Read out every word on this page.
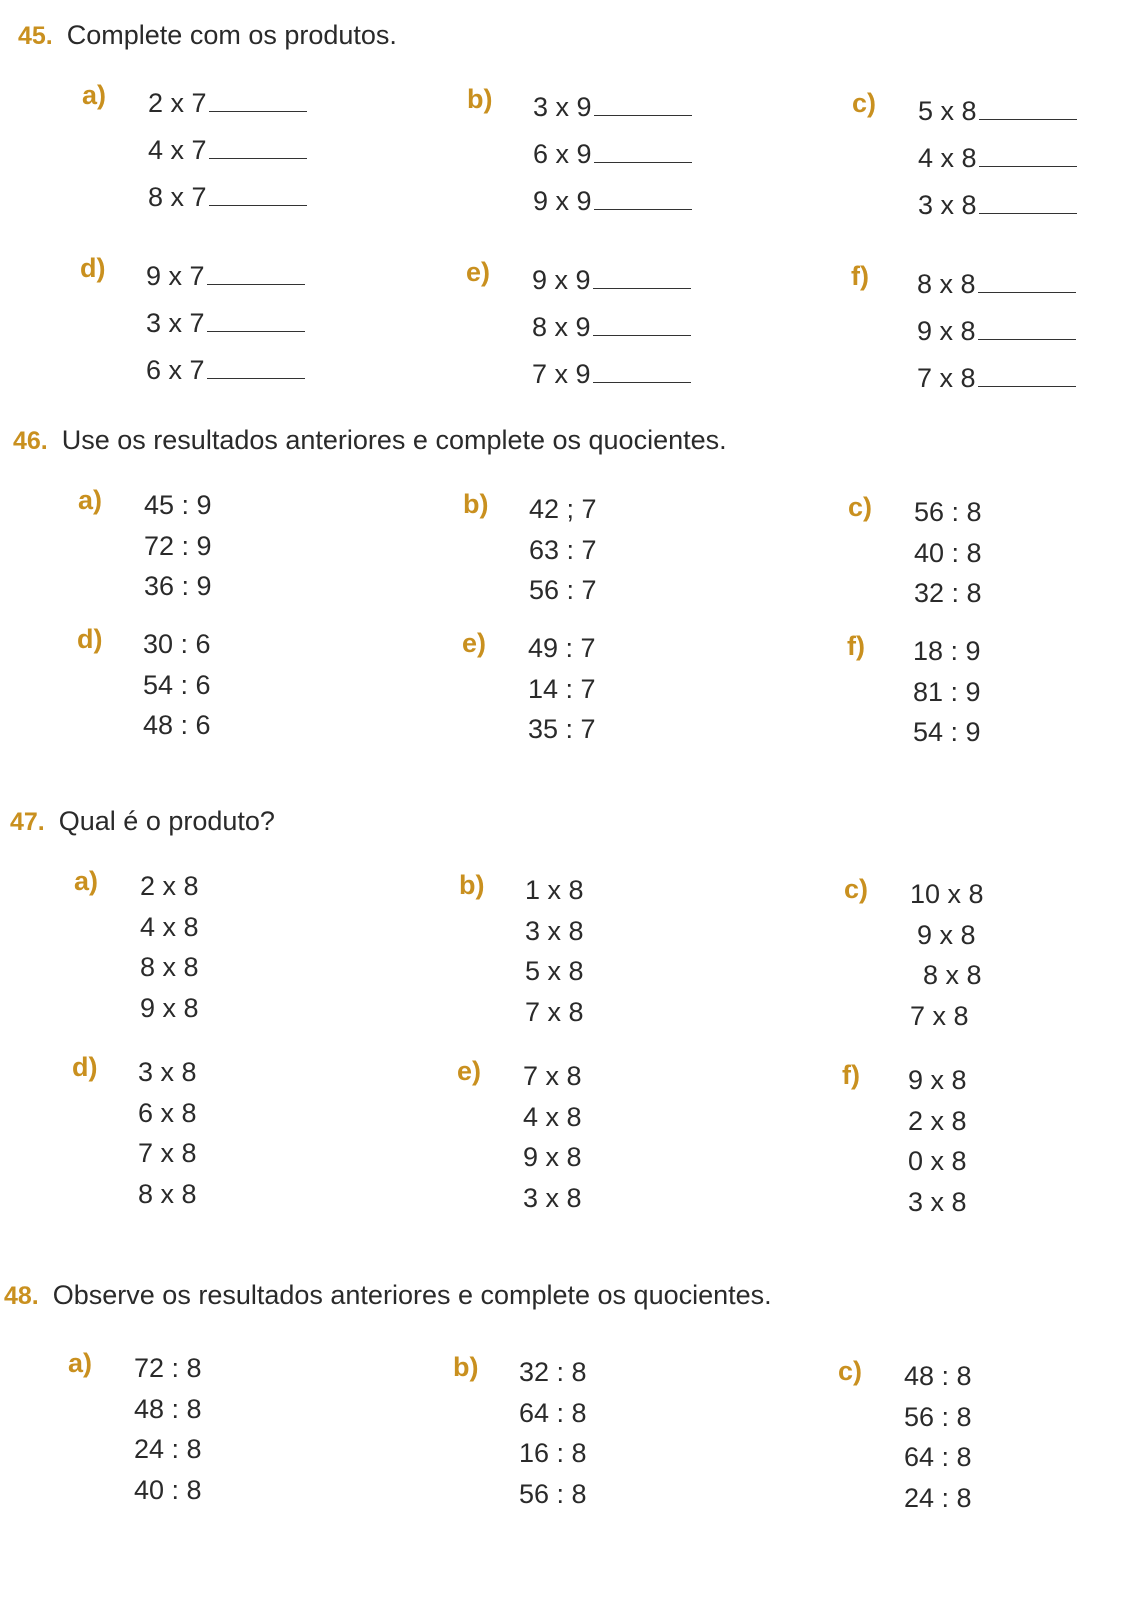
45. Complete com os produtos.
a) 2 x 7
4 x 7
8 x 7
b) 3 x 9
6 x 9
9 x 9
c) 5 x 8
4 x 8
3 x 8
d) 9 x 7
3 x 7
6 x 7
e) 9 x 9
8 x 9
7 x 9
f) 8 x 8
9 x 8
7 x 8
46. Use os resultados anteriores e complete os quocientes.
a) 45 : 9
72 : 9
36 : 9
b) 42 ; 7
63 : 7
56 : 7
c) 56 : 8
40 : 8
32 : 8
d) 30 : 6
54 : 6
48 : 6
e) 49 : 7
14 : 7
35 : 7
f) 18 : 9
81 : 9
54 : 9
47. Qual é o produto?
a) 2 x 8
4 x 8
8 x 8
9 x 8
b) 1 x 8
3 x 8
5 x 8
7 x 8
c) 10 x 8
9 x 8
8 x 8
7 x 8
d) 3 x 8
6 x 8
7 x 8
8 x 8
e) 7 x 8
4 x 8
9 x 8
3 x 8
f) 9 x 8
2 x 8
0 x 8
3 x 8
48. Observe os resultados anteriores e complete os quocientes.
a) 72 : 8
48 : 8
24 : 8
40 : 8
b) 32 : 8
64 : 8
16 : 8
56 : 8
c) 48 : 8
56 : 8
64 : 8
24 : 8
